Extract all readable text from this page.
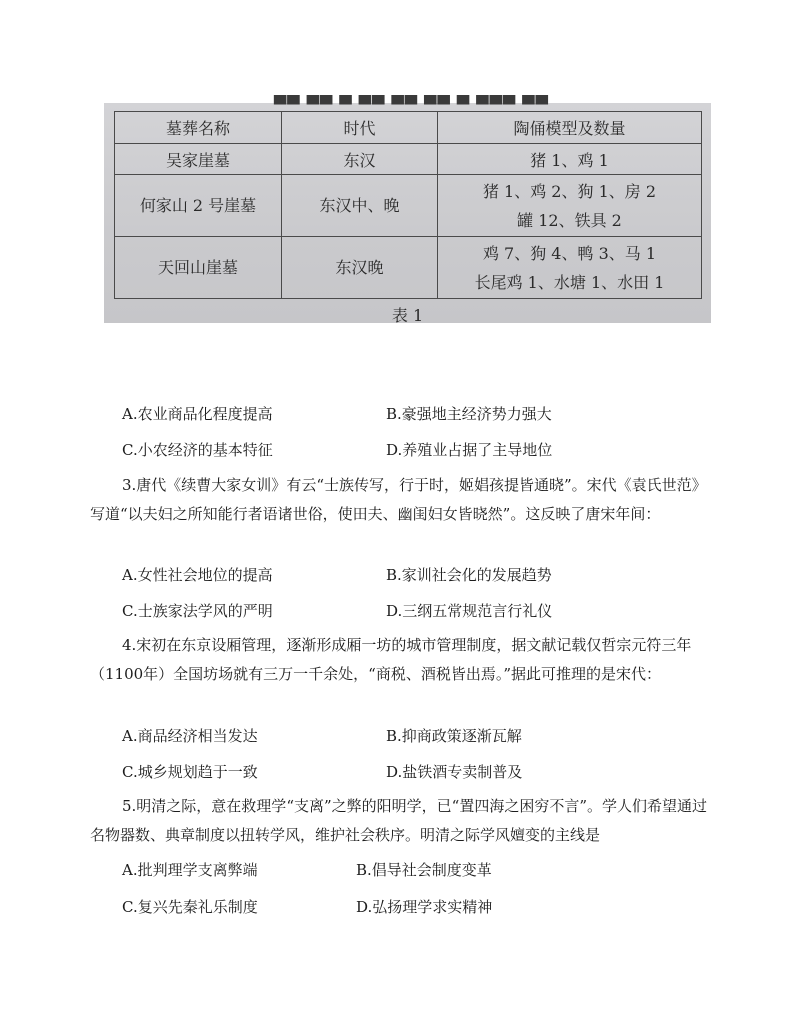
▀▀ ▀▀ ▀ ▀▀ ▀▀ ▀▀ ▀ ▀▀▀ ▀▀
墓葬名称	时代	陶俑模型及数量
吴家崖墓	东汉	猪 1、鸡 1
何家山 2 号崖墓	东汉中、晚	猪 1、鸡 2、狗 1、房 2
罐 12、铁具 2

天回山崖墓	东汉晚	鸡 7、狗 4、鸭 3、马 1
长尾鸡 1、水塘 1、水田 1
表 1
A.农业商品化程度提高	B.豪强地主经济势力强大
C.小农经济的基本特征	D.养殖业占据了主导地位
3.唐代《续曹大家女训》有云“士族传写，行于时，姬娼孩提皆通晓”。宋代《袁氏世范》写道“以夫妇之所知能行者语诸世俗，使田夫、幽闺妇女皆晓然”。这反映了唐宋年间：
A.女性社会地位的提高	B.家训社会化的发展趋势
C.士族家法学风的严明	D.三纲五常规范言行礼仪
4.宋初在东京设厢管理，逐渐形成厢一坊的城市管理制度，据文献记载仅哲宗元符三年（1100年）全国坊场就有三万一千余处，“商税、酒税皆出焉。”据此可推理的是宋代：
A.商品经济相当发达	B.抑商政策逐渐瓦解
C.城乡规划趋于一致	D.盐铁酒专卖制普及
5.明清之际，意在救理学“支离”之弊的阳明学，已“置四海之困穷不言”。学人们希望通过名物器数、典章制度以扭转学风，维护社会秩序。明清之际学风嬗变的主线是
A.批判理学支离弊端	B.倡导社会制度变革
C.复兴先秦礼乐制度	D.弘扬理学求实精神
